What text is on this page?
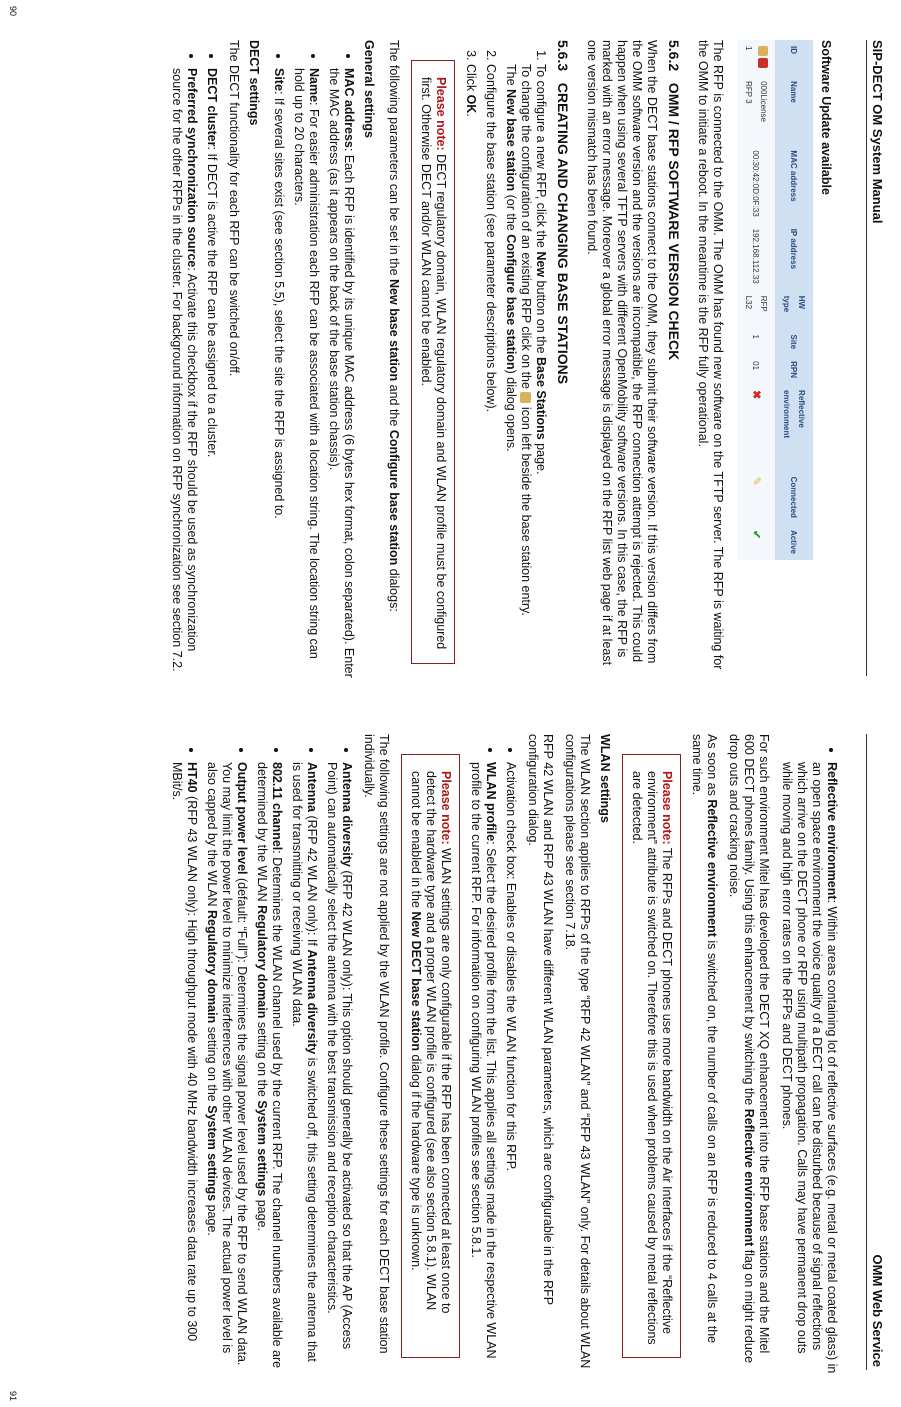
SIP-DECT OM System Manual
Software Update available
ID	Name	MAC address	IP address	HW type	Site	RPN	Reflective environment	Connected	Active
1	000License RFP 3	00:30:42:0D:0F:33	192.168.112.33	RFP L32	1	01	✖	✎	✔

The RFP is connected to the OMM. The OMM has found new software on the TFTP server. The RFP is waiting for the OMM to initiate a reboot. In the meantime is the RFP fully operational.

5.6.2   OMM / RFP SOFTWARE VERSION CHECK

When the DECT base stations connect to the OMM, they submit their software version. If this version differs from the OMM software version and the versions are incompatible, the RFP connection attempt is rejected. This could happen when using several TFTP servers with different OpenMobility software versions. In this case, the RFP is marked with an error message. Moreover a global error message is displayed on the RFP list web page if at least one version mismatch has been found.

5.6.3   CREATING AND CHANGING BASE STATIONS
1. To configure a new RFP, click the New button on the Base Stations page.
To change the configuration of an existing RFP click on the  icon left beside the base station entry.
The New base station (or the Configure base station) dialog opens.
2. Configure the base station (see parameter descriptions below).
3. Click OK.
Please note: DECT regulatory domain, WLAN regulatory domain and WLAN profile must be configured first. Otherwise DECT and/or WLAN cannot be enabled.

The following parameters can be set in the New base station and the Configure base station dialogs:

General settings
• MAC address: Each RFP is identified by its unique MAC address (6 bytes hex format, colon separated). Enter the MAC address (as it appears on the back of the base station chassis).
• Name: For easier administration each RFP can be associated with a location string. The location string can hold up to 20 characters.
• Site: If several sites exist (see section 5.5), select the site the RFP is assigned to.
DECT settings

The DECT functionality for each RFP can be switched on/off.

• DECT cluster: If DECT is active the RFP can be assigned to a cluster.
• Preferred synchronization source: Activate this checkbox if the RFP should be used as synchronization source for the other RFPs in the cluster. For background information on RFP synchronization see section 7.2.
90
OMM Web Service
• Reflective environment: Within areas containing lot of reflective surfaces (e.g. metal or metal coated glass) in an open space environment the voice quality of a DECT call can be disturbed because of signal reflections which arrive on the DECT phone or RFP using multipath propagation. Calls may have permanent drop outs while moving and high error rates on the RFPs and DECT phones.

For such environment Mitel has developed the DECT XQ enhancement into the RFP base stations and the Mitel 600 DECT phones family. Using this enhancement by switching the Reflective environment flag on might reduce drop outs and cracking noise.

As soon as Reflective environment is switched on, the number of calls on an RFP is reduced to 4 calls at the same time.

Please note: The RFPs and DECT phones use more bandwidth on the Air Interfaces if the “Reflective environment” attribute is switched on. Therefore this is used when problems caused by metal reflections are detected.
WLAN settings

The WLAN section applies to RFPs of the type “RFP 42 WLAN” and “RFP 43 WLAN” only. For details about WLAN configurations please see section 7.18.

RFP 42 WLAN and RFP 43 WLAN have different WLAN parameters, which are configurable in the RFP configuration dialog.

• Activation check box: Enables or disables the WLAN function for this RFP.
• WLAN profile: Select the desired profile from the list. This applies all settings made in the respective WLAN profile to the current RFP. For information on configuring WLAN profiles see section 5.8.1.
Please note: WLAN settings are only configurable if the RFP has been connected at least once to detect the hardware type and a proper WLAN profile is configured (see also section 5.8.1). WLAN cannot be enabled in the New DECT base station dialog if the hardware type is unknown.

The following settings are not applied by the WLAN profile. Configure these settings for each DECT base station individually.

• Antenna diversity (RFP 42 WLAN only): This option should generally be activated so that the AP (Access Point) can automatically select the antenna with the best transmission and reception characteristics.
• Antenna (RFP 42 WLAN only): If Antenna diversity is switched off, this setting determines the antenna that is used for transmitting or receiving WLAN data.
• 802.11 channel: Determines the WLAN channel used by the current RFP. The channel numbers available are determined by the WLAN Regulatory domain setting on the System settings page.
• Output power level (default: “Full”): Determines the signal power level used by the RFP to send WLAN data. You may limit the power level to minimize interferences with other WLAN devices. The actual power level is also capped by the WLAN Regulatory domain setting on the System settings page.
• HT40 (RFP 43 WLAN only): High throughput mode with 40 MHz bandwidth increases data rate up to 300 MBit/s.
91
